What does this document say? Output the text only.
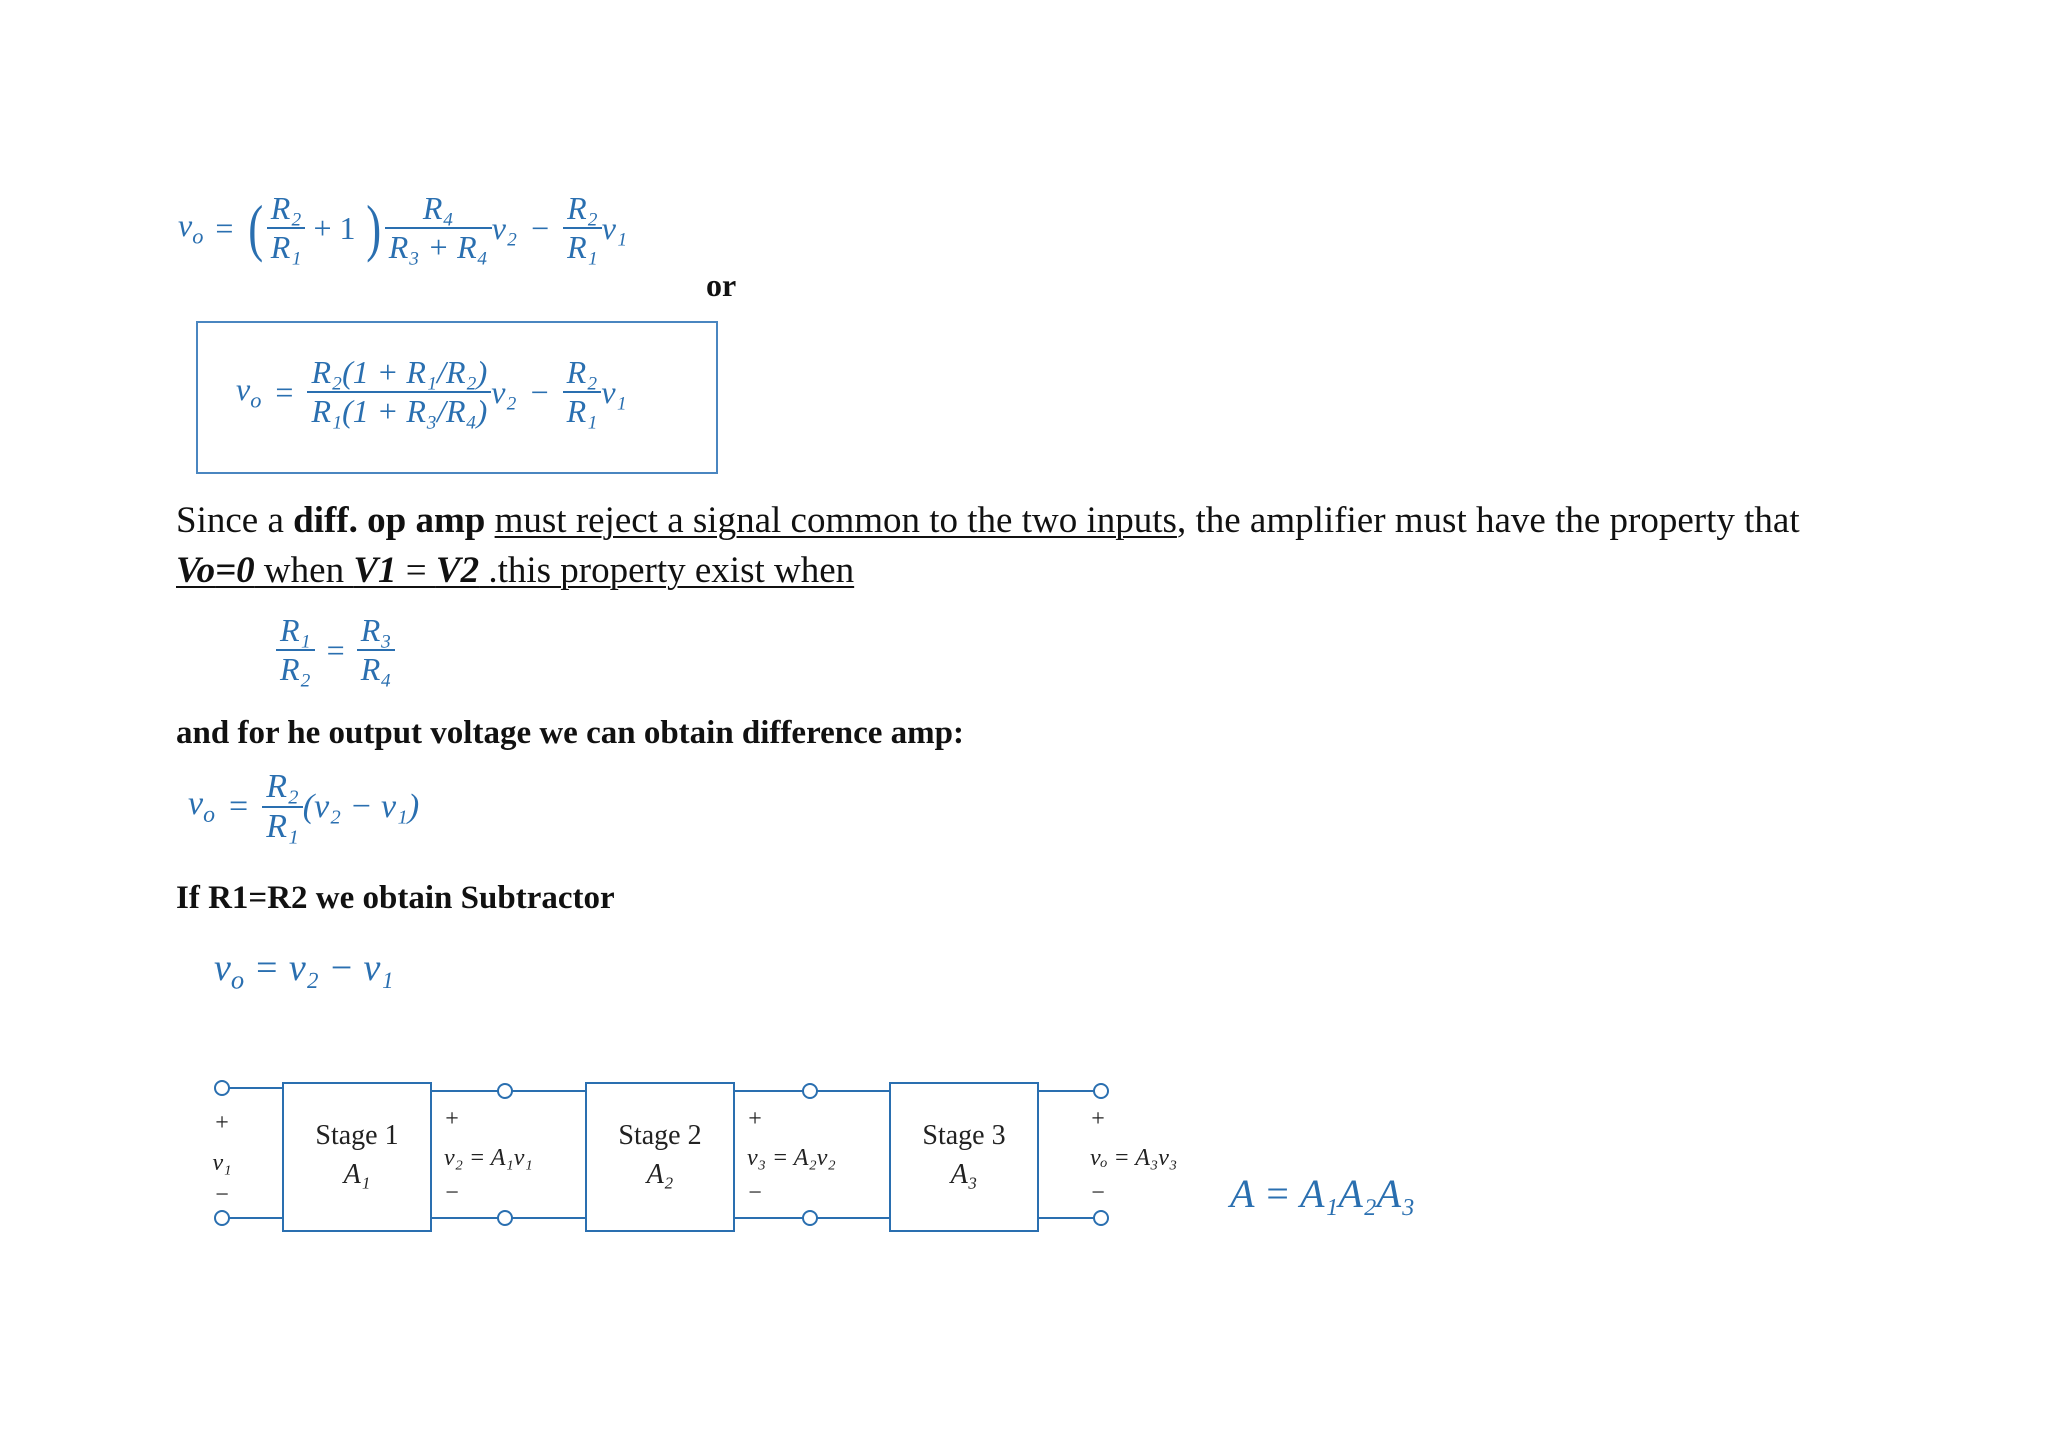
$v_o$ = ( $\frac{\text{R₂}}{\text{R₁}} + 1$ ) $\frac{\text{R₄}}{\text{R₃ + R₄}} v_2 - \frac{\text{R₂}}{\text{R₁}} v_1$
or
$v_o = \frac{\text{R₂(1 + R₁/R₂)}}{\text{R₁(1 + R₃/R₄)}} v_2 - \frac{\text{R₂}}{\text{R₁}} v_1$
Since a diff. op amp must reject a signal common to the two inputs, the amplifier must have the property that
Vo=0 when V1 = V2 .this property exist when
$\frac{\text{R₁}}{\text{R₂}} = \frac{\text{R₃}}{\text{R₄}}$
and for he output voltage we can obtain difference amp:
$v_o = \frac{\text{R₂}}{\text{R₁}} (v_2 - v_1)$
If R1=R2 we obtain Subtractor
$v_o = v_2 - v_1$
Stage 1
A₁
Stage 2
A₂
Stage 3
A₃
+
v₁
−
+
v₂ = A₁v₁
−
+
v₃ = A₂v₂
−
+
vₒ = A₃v₃
−	A = A₁A₂A₃
